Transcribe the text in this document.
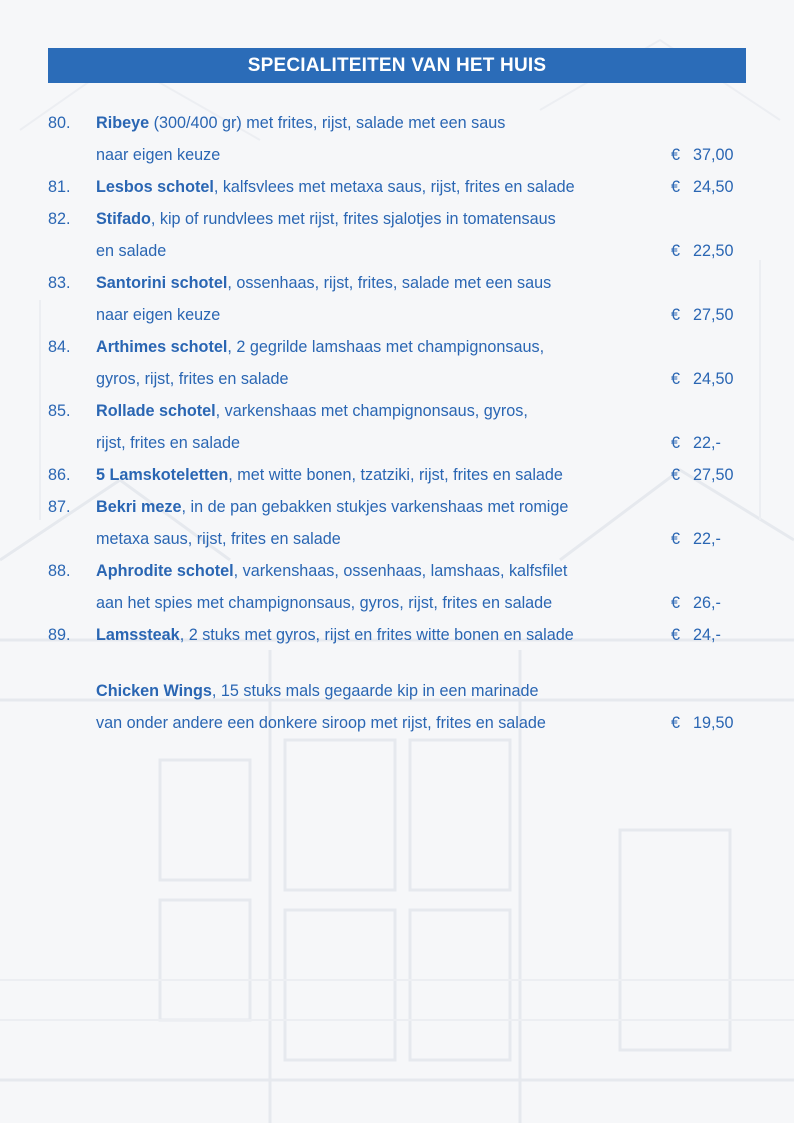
SPECIALITEITEN VAN HET HUIS
80. Ribeye (300/400 gr) met frites, rijst, salade met een saus
naar eigen keuze	€ 37,00
81. Lesbos schotel, kalfsvlees met metaxa saus, rijst, frites en salade	€ 24,50
82. Stifado, kip of rundvlees met rijst, frites sjalotjes in tomatensaus
en salade	€ 22,50
83. Santorini schotel, ossenhaas, rijst, frites, salade met een saus
naar eigen keuze	€ 27,50
84. Arthimes schotel, 2 gegrilde lamshaas met champignonsaus,
gyros, rijst, frites en salade	€ 24,50
85. Rollade schotel, varkenshaas met champignonsaus, gyros,
rijst, frites en salade	€ 22,-
86. 5 Lamskoteletten, met witte bonen, tzatziki, rijst, frites en salade	€ 27,50
87. Bekri meze, in de pan gebakken stukjes varkenshaas met romige
metaxa saus, rijst, frites en salade	€ 22,-
88. Aphrodite schotel, varkenshaas, ossenhaas, lamshaas, kalfsfilet
aan het spies met champignonsaus, gyros, rijst, frites en salade	€ 26,-
89. Lamssteak, 2 stuks met gyros, rijst en frites witte bonen en salade	€ 24,-
Chicken Wings, 15 stuks mals gegaarde kip in een marinade
van onder andere een donkere siroop met rijst, frites en salade	€ 19,50
